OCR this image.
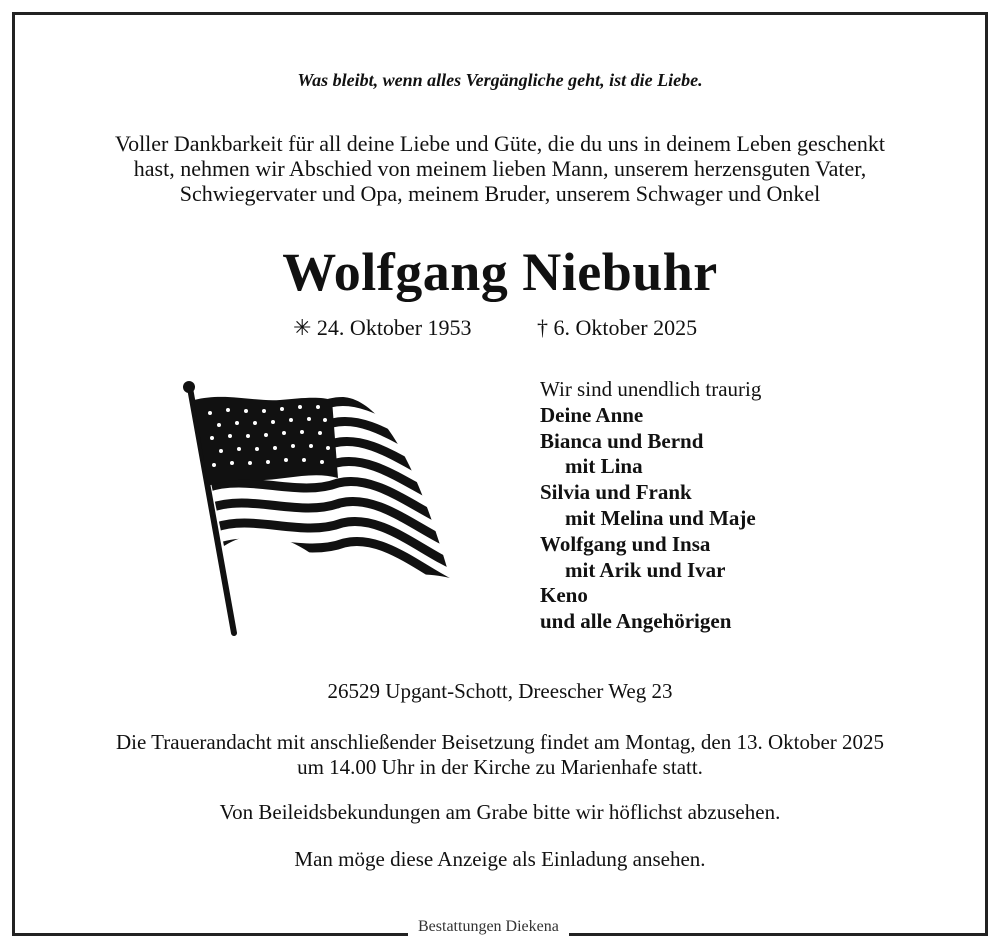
Was bleibt, wenn alles Vergängliche geht, ist die Liebe.
Voller Dankbarkeit für all deine Liebe und Güte, die du uns in deinem Leben geschenkt
hast, nehmen wir Abschied von meinem lieben Mann, unserem herzensguten Vater,
Schwiegervater und Opa, meinem Bruder, unserem Schwager und Onkel
Wolfgang Niebuhr
✳ 24. Oktober 1953	† 6. Oktober 2025
Wir sind unendlich traurig
Deine Anne
Bianca und Bernd
mit Lina
Silvia und Frank
mit Melina und Maje
Wolfgang und Insa
mit Arik und Ivar
Keno
und alle Angehörigen
26529 Upgant-Schott, Dreescher Weg 23
Die Trauerandacht mit anschließender Beisetzung findet am Montag, den 13. Oktober 2025
um 14.00 Uhr in der Kirche zu Marienhafe statt.
Von Beileidsbekundungen am Grabe bitte wir höflichst abzusehen.
Man möge diese Anzeige als Einladung ansehen.
Bestattungen Diekena
